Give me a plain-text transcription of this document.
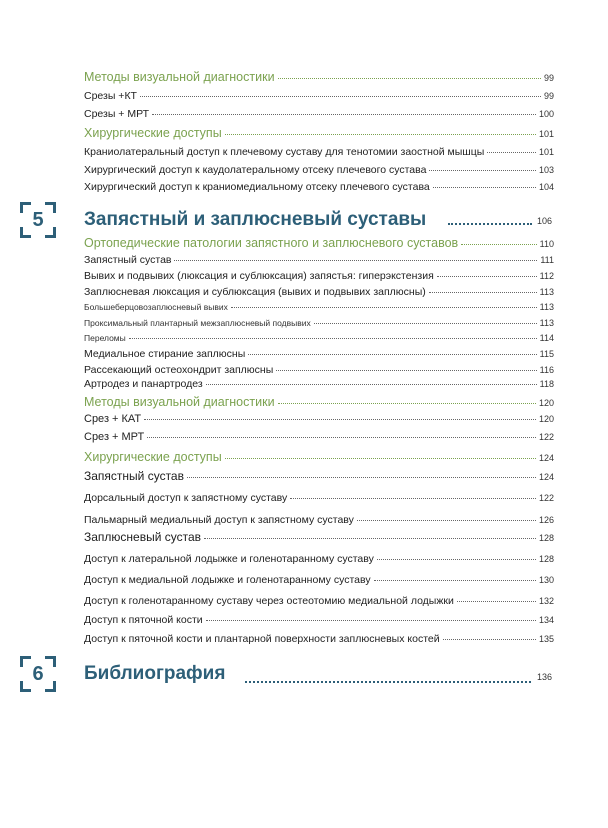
Методы визуальной диагностики	99
Срезы +КТ	99
Срезы + МРТ	100
Хирургические доступы	101
Краниолатеральный доступ к плечевому суставу для тенотомии заостной мышцы	101
Хирургический доступ к каудолатеральному отсеку плечевого сустава	103
Хирургический доступ к краниомедиальному отсеку плечевого сустава	104
5 Запястный и заплюсневый суставы	106
Ортопедические патологии запястного и заплюсневого суставов	110
Запястный сустав	111
Вывих и подвывих (люксация и сублюксация) запястья: гиперэкстензия	112
Заплюсневая люксация и сублюксация (вывих и подвывих заплюсны)	113
Большеберцовозаплюсневый вывих	113
Проксимальный плантарный межзаплюсневый подвывих	113
Переломы	114
Медиальное стирание заплюсны	115
Рассекающий остеохондрит заплюсны	116
Артродез и панартродез	118
Методы визуальной диагностики	120
Срез + КАТ	120
Срез + МРТ	122
Хирургические доступы	124
Запястный сустав	124
Дорсальный доступ к запястному суставу	122
Пальмарный медиальный доступ к запястному суставу	126
Заплюсневый сустав	128
Доступ к латеральной лодыжке и голенотаранному суставу	128
Доступ к медиальной лодыжке и голенотаранному суставу	130
Доступ к голенотаранному суставу через остеотомию медиальной лодыжки	132
Доступ к пяточной кости	134
Доступ к пяточной кости и плантарной поверхности заплюсневых костей	135
6 Библиография	136
